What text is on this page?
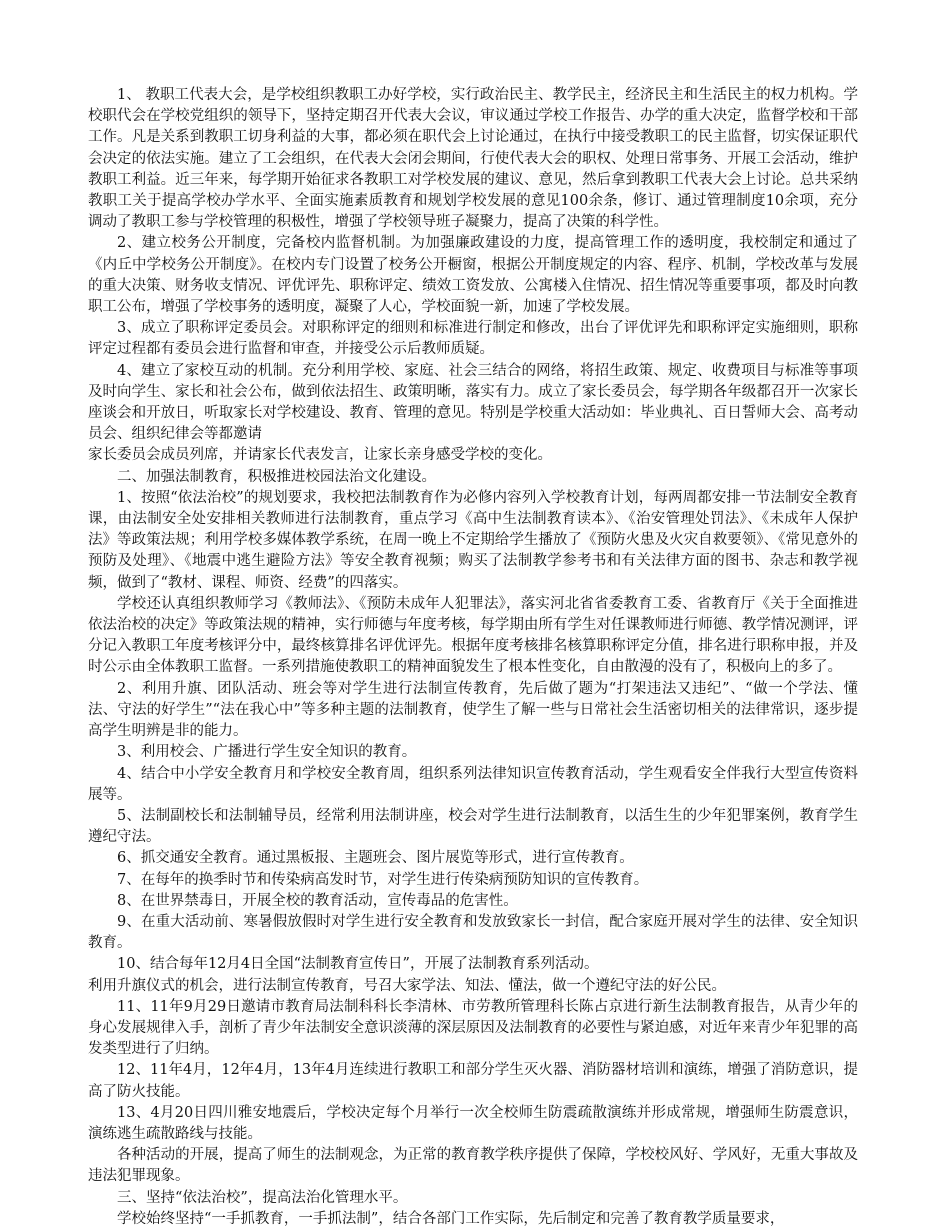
1、 教职工代表大会，是学校组织教职工办好学校，实行政治民主、教学民主，经济民主和生活民主的权力机构。学校职代会在学校党组织的领导下，坚持定期召开代表大会议，审议通过学校工作报告、办学的重大决定，监督学校和干部工作。凡是关系到教职工切身利益的大事，都必须在职代会上讨论通过，在执行中接受教职工的民主监督，切实保证职代会决定的依法实施。建立了工会组织，在代表大会闭会期间，行使代表大会的职权、处理日常事务、开展工会活动，维护教职工利益。近三年来，每学期开始征求各教职工对学校发展的建议、意见，然后拿到教职工代表大会上讨论。总共采纳教职工关于提高学校办学水平、全面实施素质教育和规划学校发展的意见100余条，修订、通过管理制度10余项，充分调动了教职工参与学校管理的积极性，增强了学校领导班子凝聚力，提高了决策的科学性。

2、建立校务公开制度，完备校内监督机制。为加强廉政建设的力度，提高管理工作的透明度，我校制定和通过了《内丘中学校务公开制度》。在校内专门设置了校务公开橱窗，根据公开制度规定的内容、程序、机制，学校改革与发展的重大决策、财务收支情况、评优评先、职称评定、绩效工资发放、公寓楼入住情况、招生情况等重要事项，都及时向教职工公布，增强了学校事务的透明度，凝聚了人心，学校面貌一新，加速了学校发展。

3、成立了职称评定委员会。对职称评定的细则和标准进行制定和修改，出台了评优评先和职称评定实施细则，职称评定过程都有委员会进行监督和审查，并接受公示后教师质疑。

4、建立了家校互动的机制。充分利用学校、家庭、社会三结合的网络，将招生政策、规定、收费项目与标准等事项及时向学生、家长和社会公布，做到依法招生、政策明晰，落实有力。成立了家长委员会，每学期各年级都召开一次家长座谈会和开放日，听取家长对学校建设、教育、管理的意见。特别是学校重大活动如：毕业典礼、百日誓师大会、高考动员会、组织纪律会等都邀请

家长委员会成员列席，并请家长代表发言，让家长亲身感受学校的变化。

二、加强法制教育，积极推进校园法治文化建设。

1、按照“依法治校”的规划要求，我校把法制教育作为必修内容列入学校教育计划，每两周都安排一节法制安全教育课，由法制安全处安排相关教师进行法制教育，重点学习《高中生法制教育读本》、《治安管理处罚法》、《未成年人保护法》等政策法规；利用学校多媒体教学系统，在周一晚上不定期给学生播放了《预防火患及火灾自救要领》、《常见意外的预防及处理》、《地震中逃生避险方法》等安全教育视频；购买了法制教学参考书和有关法律方面的图书、杂志和教学视频，做到了“教材、课程、师资、经费”的四落实。

学校还认真组织教师学习《教师法》、《预防未成年人犯罪法》，落实河北省省委教育工委、省教育厅《关于全面推进依法治校的决定》等政策法规的精神，实行师德与年度考核，每学期由所有学生对任课教师进行师德、教学情况测评，评分记入教职工年度考核评分中，最终核算排名评优评先。根据年度考核排名核算职称评定分值，排名进行职称申报，并及时公示由全体教职工监督。一系列措施使教职工的精神面貌发生了根本性变化，自由散漫的没有了，积极向上的多了。

2、利用升旗、团队活动、班会等对学生进行法制宣传教育，先后做了题为“打架违法又违纪”、“做一个学法、懂法、守法的好学生”“法在我心中”等多种主题的法制教育，使学生了解一些与日常社会生活密切相关的法律常识，逐步提高学生明辨是非的能力。

3、利用校会、广播进行学生安全知识的教育。

4、结合中小学安全教育月和学校安全教育周，组织系列法律知识宣传教育活动，学生观看安全伴我行大型宣传资料展等。

5、法制副校长和法制辅导员，经常利用法制讲座，校会对学生进行法制教育，以活生生的少年犯罪案例，教育学生遵纪守法。

6、抓交通安全教育。通过黑板报、主题班会、图片展览等形式，进行宣传教育。

7、在每年的换季时节和传染病高发时节，对学生进行传染病预防知识的宣传教育。

8、在世界禁毒日，开展全校的教育活动，宣传毒品的危害性。

9、在重大活动前、寒暑假放假时对学生进行安全教育和发放致家长一封信，配合家庭开展对学生的法律、安全知识教育。

10、结合每年12月4日全国“法制教育宣传日”，开展了法制教育系列活动。

利用升旗仪式的机会，进行法制宣传教育，号召大家学法、知法、懂法，做一个遵纪守法的好公民。

11、11年9月29日邀请市教育局法制科科长李清林、市劳教所管理科长陈占京进行新生法制教育报告，从青少年的身心发展规律入手，剖析了青少年法制安全意识淡薄的深层原因及法制教育的必要性与紧迫感，对近年来青少年犯罪的高发类型进行了归纳。

12、11年4月，12年4月，13年4月连续进行教职工和部分学生灭火器、消防器材培训和演练，增强了消防意识，提高了防火技能。

13、4月20日四川雅安地震后，学校决定每个月举行一次全校师生防震疏散演练并形成常规，增强师生防震意识，演练逃生疏散路线与技能。

各种活动的开展，提高了师生的法制观念，为正常的教育教学秩序提供了保障，学校校风好、学风好，无重大事故及违法犯罪现象。

三、坚持“依法治校”，提高法治化管理水平。

学校始终坚持“一手抓教育，一手抓法制”，结合各部门工作实际，先后制定和完善了教育教学质量要求，
